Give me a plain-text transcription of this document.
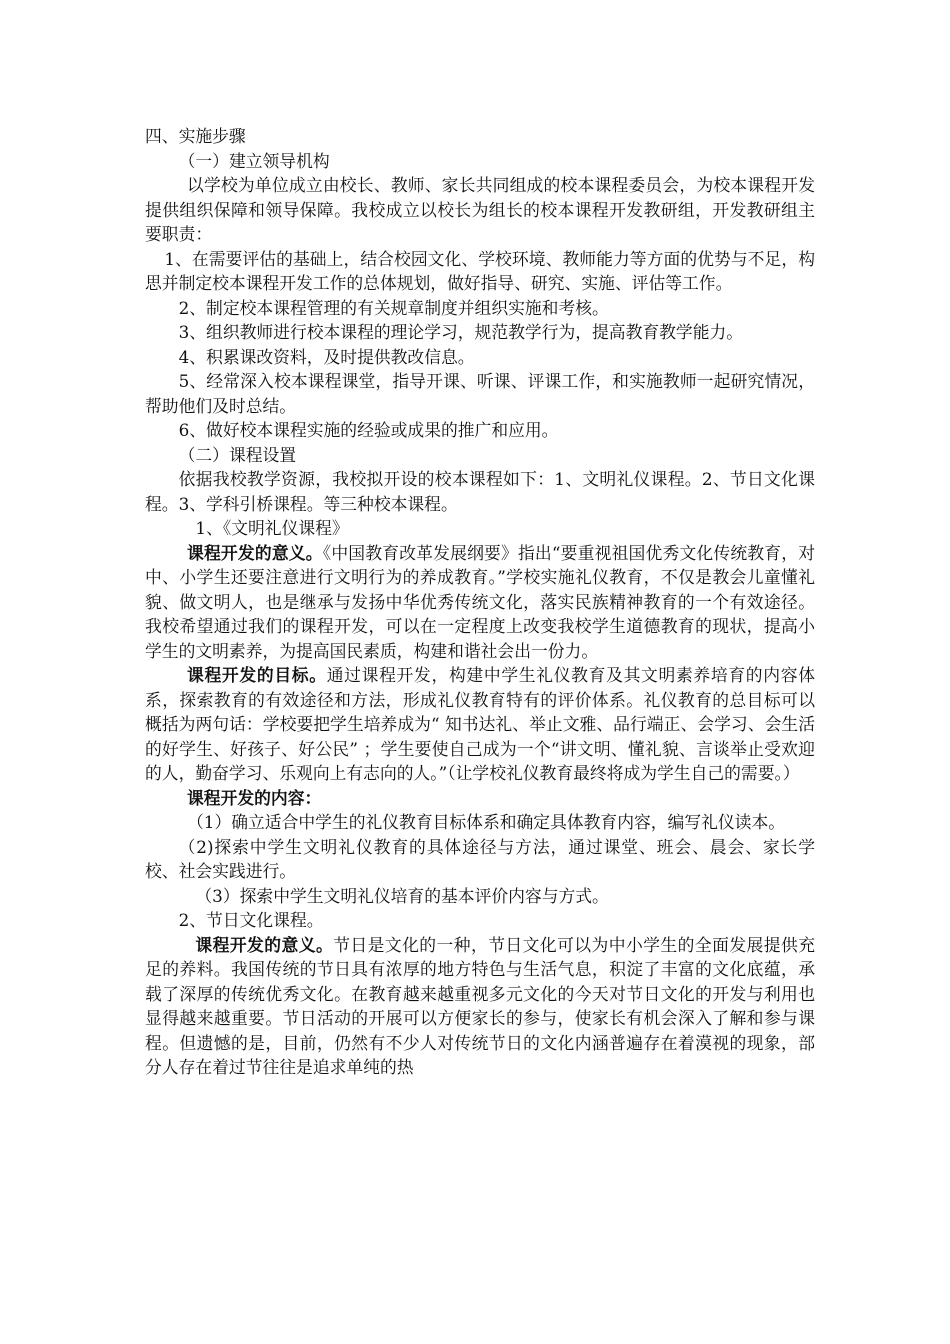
四、实施步骤

（一）建立领导机构

以学校为单位成立由校长、教师、家长共同组成的校本课程委员会，为校本课程开发提供组织保障和领导保障。我校成立以校长为组长的校本课程开发教研组，开发教研组主要职责：

1、在需要评估的基础上，结合校园文化、学校环境、教师能力等方面的优势与不足，构思并制定校本课程开发工作的总体规划，做好指导、研究、实施、评估等工作。

2、制定校本课程管理的有关规章制度并组织实施和考核。

3、组织教师进行校本课程的理论学习，规范教学行为，提高教育教学能力。

4、积累课改资料，及时提供教改信息。

5、经常深入校本课程课堂，指导开课、听课、评课工作，和实施教师一起研究情况，帮助他们及时总结。

6、做好校本课程实施的经验或成果的推广和应用。

（二）课程设置

依据我校教学资源，我校拟开设的校本课程如下：1、文明礼仪课程。2、节日文化课程。3、学科引桥课程。等三种校本课程。

1、《文明礼仪课程》

课程开发的意义。《中国教育改革发展纲要》指出“要重视祖国优秀文化传统教育，对中、小学生还要注意进行文明行为的养成教育。”学校实施礼仪教育，不仅是教会儿童懂礼貌、做文明人，也是继承与发扬中华优秀传统文化，落实民族精神教育的一个有效途径。我校希望通过我们的课程开发，可以在一定程度上改变我校学生道德教育的现状，提高小学生的文明素养，为提高国民素质，构建和谐社会出一份力。

课程开发的目标。通过课程开发，构建中学生礼仪教育及其文明素养培育的内容体系，探索教育的有效途径和方法，形成礼仪教育特有的评价体系。礼仪教育的总目标可以概括为两句话：学校要把学生培养成为“ 知书达礼、举止文雅、品行端正、会学习、会生活的好学生、好孩子、好公民” ；学生要使自己成为一个“讲文明、懂礼貌、言谈举止受欢迎的人，勤奋学习、乐观向上有志向的人。”（让学校礼仪教育最终将成为学生自己的需要。）

课程开发的内容：

（1）确立适合中学生的礼仪教育目标体系和确定具体教育内容，编写礼仪读本。

（2)探索中学生文明礼仪教育的具体途径与方法，通过课堂、班会、晨会、家长学校、社会实践进行。

（3）探索中学生文明礼仪培育的基本评价内容与方式。

2、节日文化课程。

课程开发的意义。节日是文化的一种，节日文化可以为中小学生的全面发展提供充足的养料。我国传统的节日具有浓厚的地方特色与生活气息，积淀了丰富的文化底蕴，承载了深厚的传统优秀文化。在教育越来越重视多元文化的今天对节日文化的开发与利用也显得越来越重要。节日活动的开展可以方便家长的参与，使家长有机会深入了解和参与课程。但遗憾的是，目前，仍然有不少人对传统节日的文化内涵普遍存在着漠视的现象，部分人存在着过节往往是追求单纯的热
